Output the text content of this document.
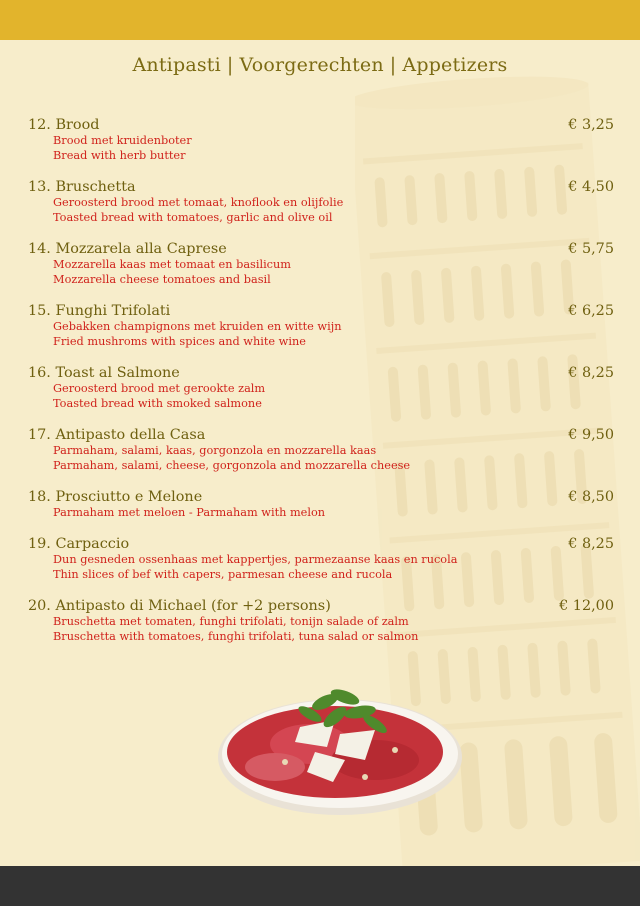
Antipasti | Voorgerechten | Appetizers
12. Brood	€ 3,25
Brood met kruidenboter
Bread with herb butter
13. Bruschetta	€ 4,50
Geroosterd brood met tomaat, knoflook en olijfolie
Toasted bread with tomatoes, garlic and olive oil
14. Mozzarela alla Caprese	€ 5,75
Mozzarella kaas met tomaat en basilicum
Mozzarella cheese tomatoes and basil
15. Funghi Trifolati	€ 6,25
Gebakken champignons met kruiden en witte wijn
Fried mushroms with spices and white wine
16. Toast al Salmone	€ 8,25
Geroosterd brood met gerookte zalm
Toasted bread with smoked salmone
17. Antipasto della Casa	€ 9,50
Parmaham, salami, kaas, gorgonzola en mozzarella kaas
Parmaham, salami, cheese, gorgonzola and mozzarella cheese
18. Prosciutto e Melone	€ 8,50
Parmaham met meloen - Parmaham with melon
19. Carpaccio	€ 8,25
Dun gesneden ossenhaas met kappertjes, parmezaanse kaas en rucola
Thin slices of bef with capers, parmesan cheese and rucola
20. Antipasto di Michael (for +2 persons)	€ 12,00
Bruschetta met tomaten, funghi trifolati, tonijn salade of zalm
Bruschetta with tomatoes, funghi trifolati, tuna salad or salmon
